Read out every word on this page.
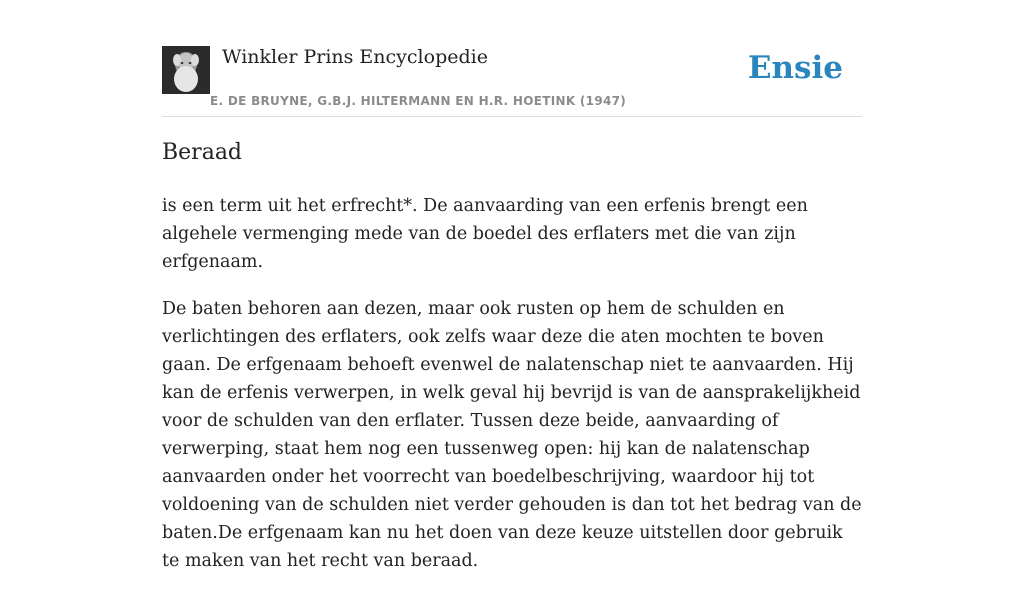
Winkler Prins Encyclopedie
E. DE BRUYNE, G.B.J. HILTERMANN EN H.R. HOETINK (1947)
Ensie
Beraad

is een term uit het erfrecht*. De aanvaarding van een erfenis brengt een algehele vermenging mede van de boedel des erflaters met die van zijn erfgenaam.

De baten behoren aan dezen, maar ook rusten op hem de schulden en verlichtingen des erflaters, ook zelfs waar deze die aten mochten te boven gaan. De erfgenaam behoeft evenwel de nalatenschap niet te aanvaarden. Hij kan de erfenis verwerpen, in welk geval hij bevrijd is van de aansprakelijkheid voor de schulden van den erflater. Tussen deze beide, aanvaarding of verwerping, staat hem nog een tussenweg open: hij kan de nalatenschap aanvaarden onder het voorrecht van boedelbeschrijving, waardoor hij tot voldoening van de schulden niet verder gehouden is dan tot het bedrag van de baten.De erfgenaam kan nu het doen van deze keuze uitstellen door gebruik te maken van het recht van beraad.
